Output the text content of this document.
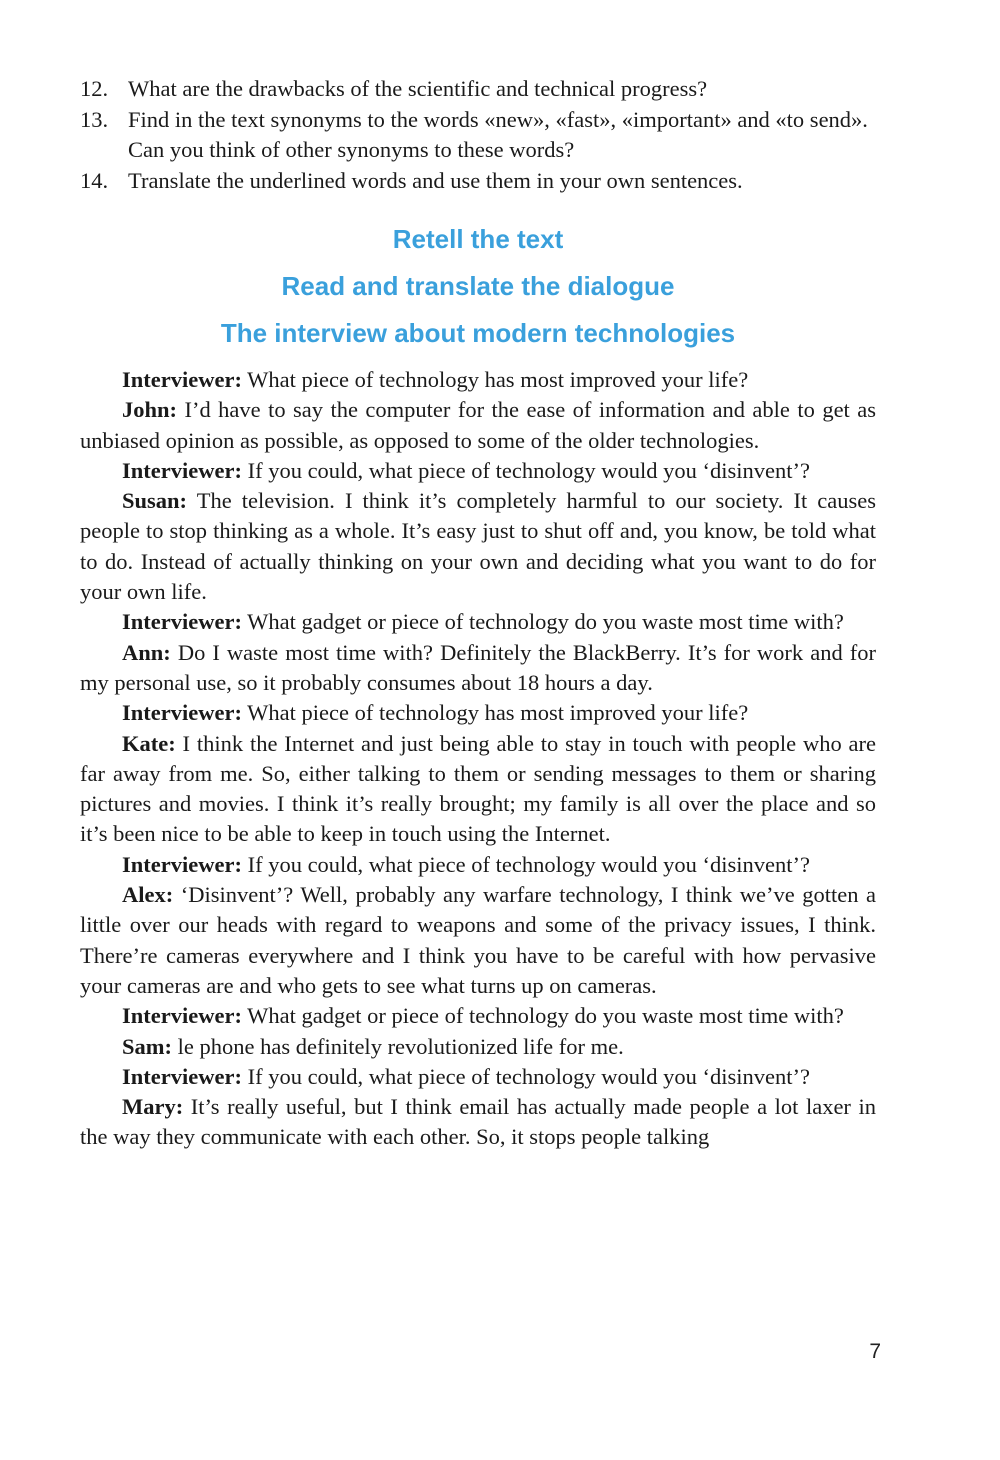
12. What are the drawbacks of the scientific and technical progress?
13. Find in the text synonyms to the words «new», «fast», «important» and «to send». Can you think of other synonyms to these words?
14. Translate the underlined words and use them in your own sentences.
Retell the text
Read and translate the dialogue
The interview about modern technologies

Interviewer: What piece of technology has most improved your life?

John: I’d have to say the computer for the ease of information and able to get as unbiased opinion as possible, as opposed to some of the older technologies.

Interviewer: If you could, what piece of technology would you ‘disinvent’?

Susan: The television. I think it’s completely harmful to our society. It causes people to stop thinking as a whole. It’s easy just to shut off and, you know, be told what to do. Instead of actually thinking on your own and deciding what you want to do for your own life.

Interviewer: What gadget or piece of technology do you waste most time with?

Ann: Do I waste most time with? Definitely the BlackBerry. It’s for work and for my personal use, so it probably consumes about 18 hours a day.

Interviewer: What piece of technology has most improved your life?

Kate: I think the Internet and just being able to stay in touch with people who are far away from me. So, either talking to them or sending messages to them or sharing pictures and movies. I think it’s really brought; my family is all over the place and so it’s been nice to be able to keep in touch using the Internet.

Interviewer: If you could, what piece of technology would you ‘disinvent’?

Alex: ‘Disinvent’? Well, probably any warfare technology, I think we’ve gotten a little over our heads with regard to weapons and some of the privacy issues, I think. There’re cameras everywhere and I think you have to be careful with how pervasive your cameras are and who gets to see what turns up on cameras.

Interviewer: What gadget or piece of technology do you waste most time with?

Sam: le phone has definitely revolutionized life for me.

Interviewer: If you could, what piece of technology would you ‘disinvent’?

Mary: It’s really useful, but I think email has actually made people a lot laxer in the way they communicate with each other. So, it stops people talking

7
